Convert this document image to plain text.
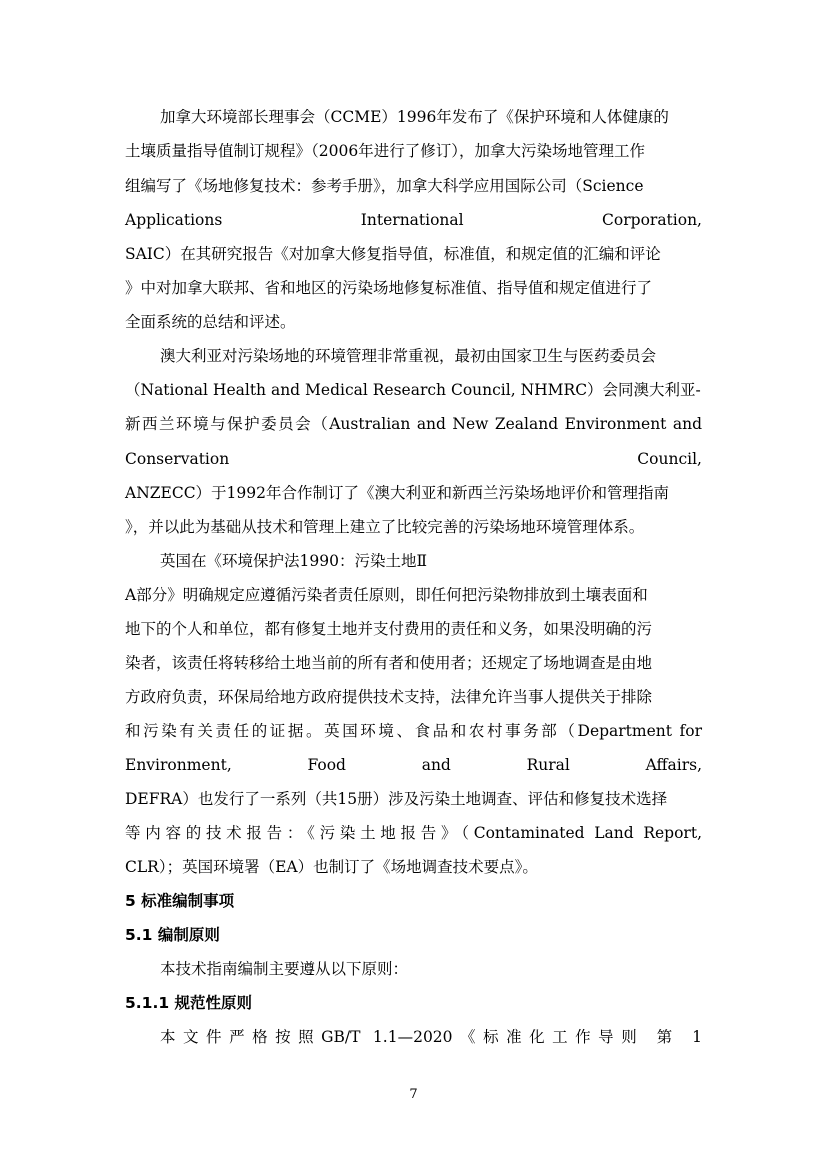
加拿大环境部长理事会（CCME）1996年发布了《保护环境和人体健康的
土壤质量指导值制订规程》（2006年进行了修订），加拿大污染场地管理工作
组编写了《场地修复技术：参考手册》，加拿大科学应用国际公司（Science
Applications International Corporation,
SAIC）在其研究报告《对加拿大修复指导值，标准值，和规定值的汇编和评论
》中对加拿大联邦、省和地区的污染场地修复标准值、指导值和规定值进行了
全面系统的总结和评述。
澳大利亚对污染场地的环境管理非常重视，最初由国家卫生与医药委员会
（National Health and Medical Research Council, NHMRC）会同澳大利亚-
新西兰环境与保护委员会（Australian and New Zealand Environment and
Conservation Council,
ANZECC）于1992年合作制订了《澳大利亚和新西兰污染场地评价和管理指南
》，并以此为基础从技术和管理上建立了比较完善的污染场地环境管理体系。
英国在《环境保护法1990：污染土地Ⅱ
A部分》明确规定应遵循污染者责任原则，即任何把污染物排放到土壤表面和
地下的个人和单位，都有修复土地并支付费用的责任和义务，如果没明确的污
染者，该责任将转移给土地当前的所有者和使用者；还规定了场地调查是由地
方政府负责，环保局给地方政府提供技术支持，法律允许当事人提供关于排除
和污染有关责任的证据。英国环境、食品和农村事务部（Department for
Environment, Food and Rural Affairs,
DEFRA）也发行了一系列（共15册）涉及污染土地调查、评估和修复技术选择
等内容的技术报告：《污染土地报告》（Contaminated Land Report,
CLR）；英国环境署（EA）也制订了《场地调查技术要点》。
5 标准编制事项
5.1 编制原则
本技术指南编制主要遵从以下原则：
5.1.1 规范性原则
本文件严格按照GB/T 1.1—2020《标准化工作导则 第 1
7
